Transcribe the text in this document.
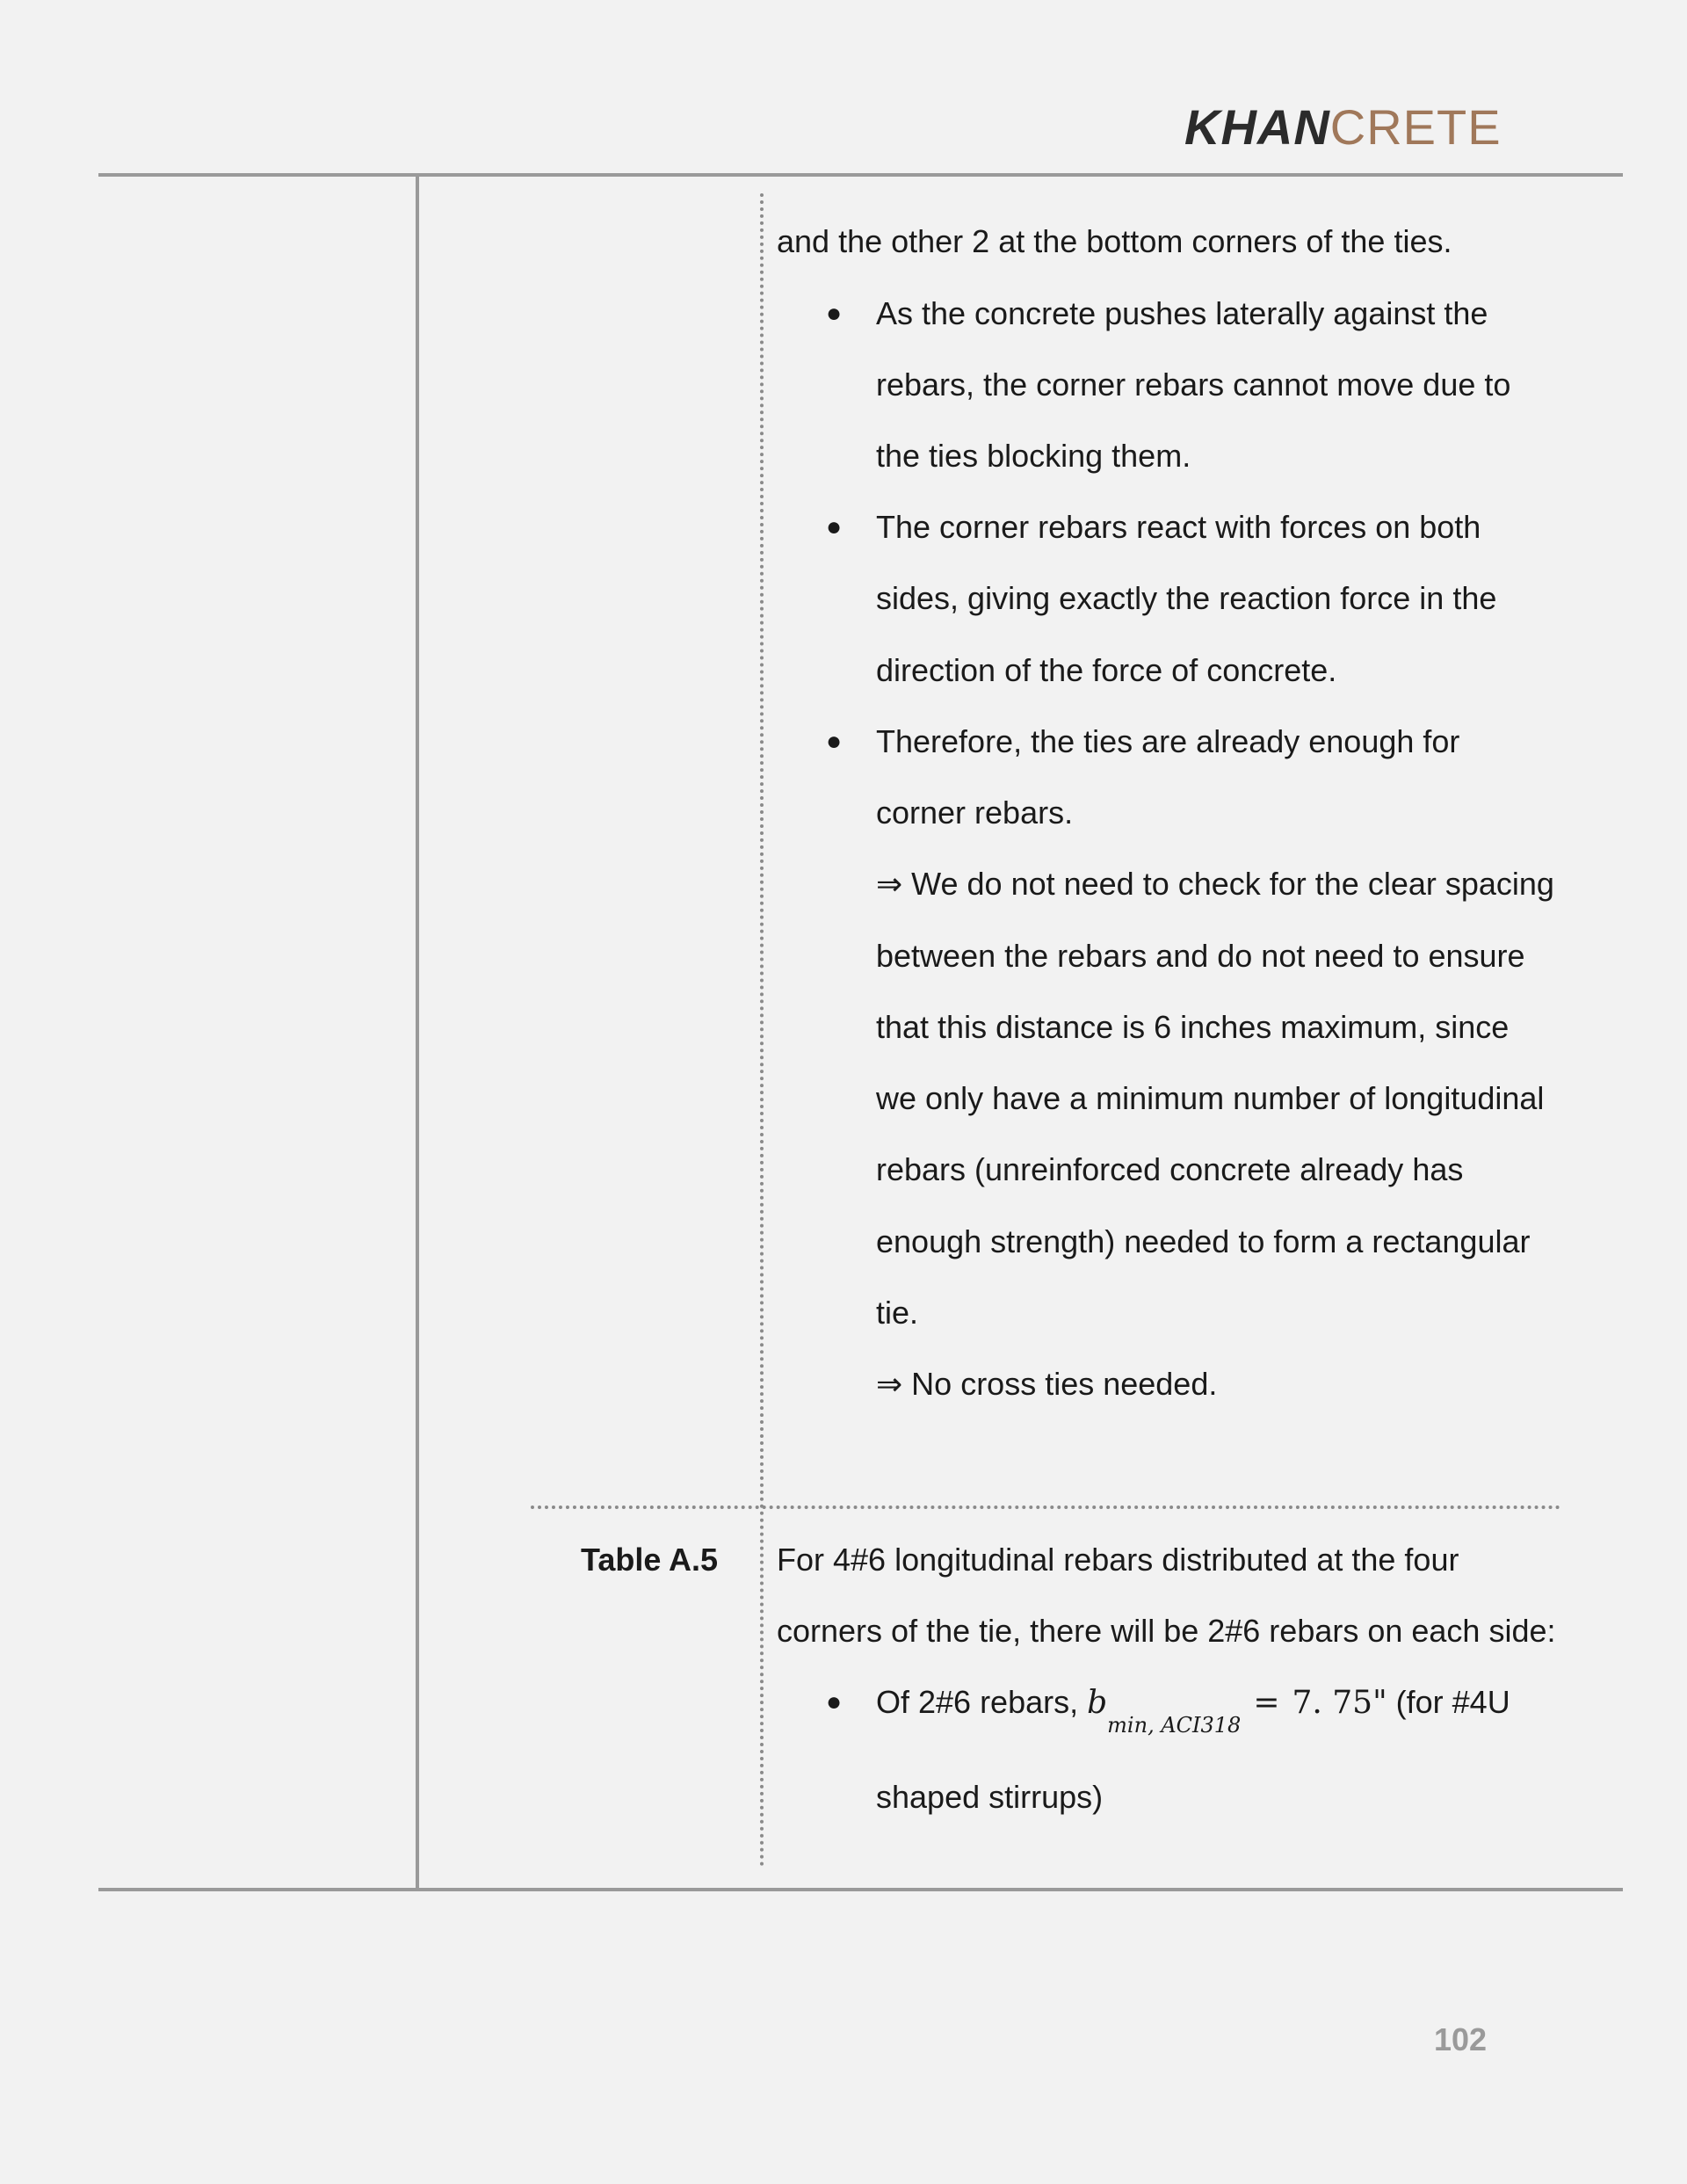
KHANCRETE
and the other 2 at the bottom corners of the ties.
● As the concrete pushes laterally against the
rebars, the corner rebars cannot move due to
the ties blocking them.
● The corner rebars react with forces on both
sides, giving exactly the reaction force in the
direction of the force of concrete.
● Therefore, the ties are already enough for
corner rebars.
⇒ We do not need to check for the clear spacing
between the rebars and do not need to ensure
that this distance is 6 inches maximum, since
we only have a minimum number of longitudinal
rebars (unreinforced concrete already has
enough strength) needed to form a rectangular
tie.
⇒ No cross ties needed.
Table A.5 For 4#6 longitudinal rebars distributed at the four
corners of the tie, there will be 2#6 rebars on each side:
● Of 2#6 rebars, $b_{min, ACI318}= 7$. 75" (for #4U
shaped stirrups)
102
